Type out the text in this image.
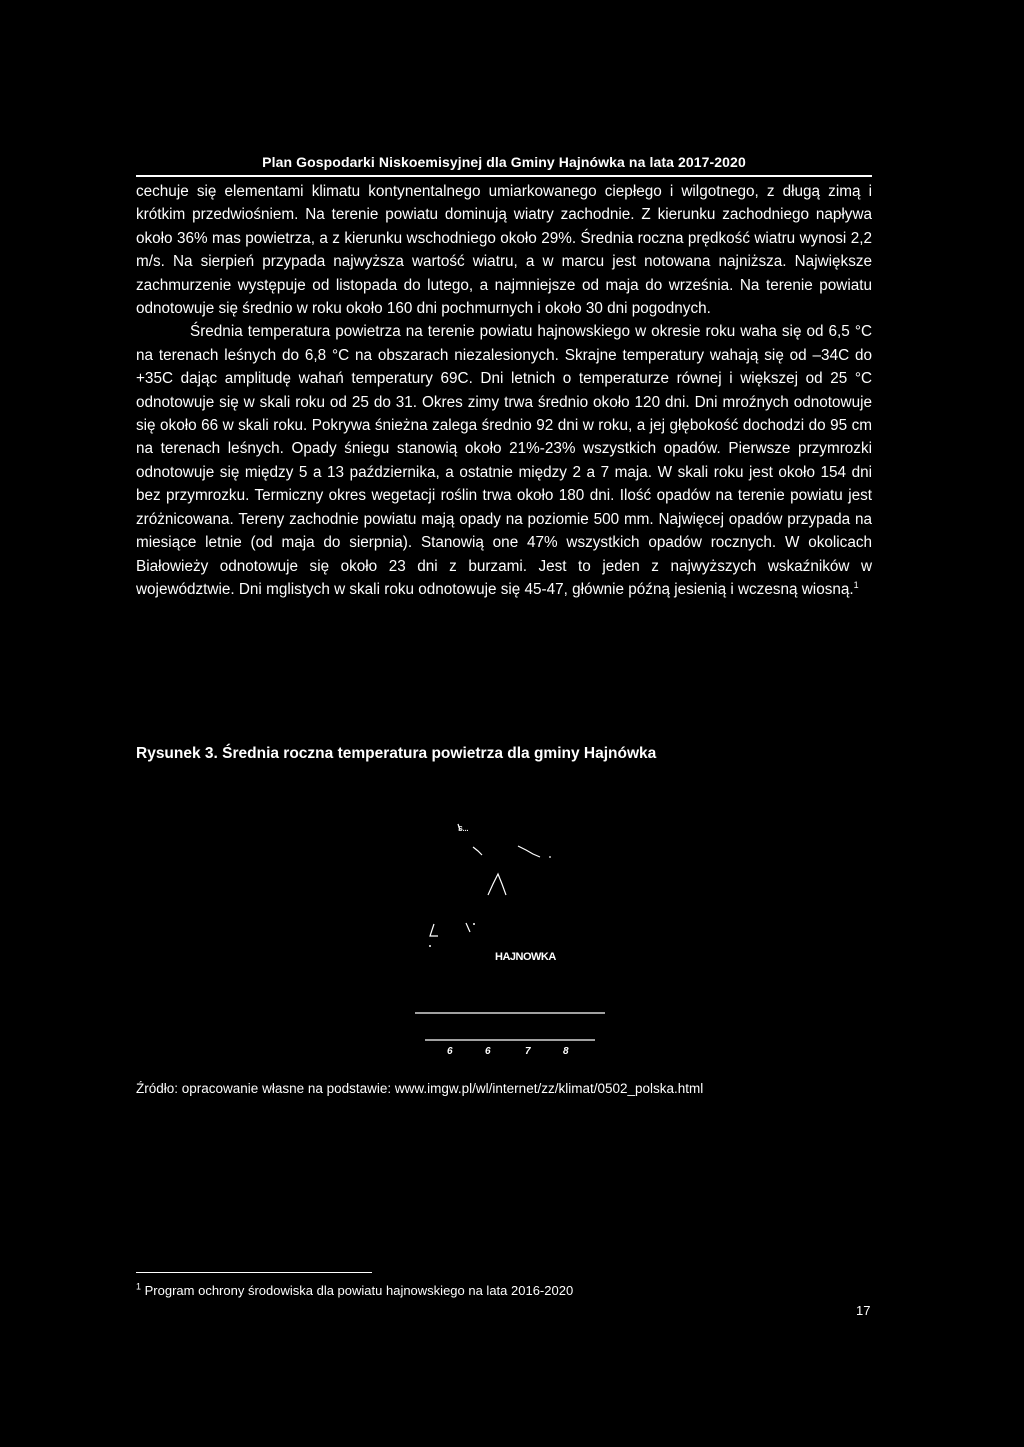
Plan Gospodarki Niskoemisyjnej dla Gminy Hajnówka na lata 2017-2020

cechuje się elementami klimatu kontynentalnego umiarkowanego ciepłego i wilgotnego, z długą zimą i krótkim przedwiośniem. Na terenie powiatu dominują wiatry zachodnie. Z kierunku zachodniego napływa około 36% mas powietrza, a z kierunku wschodniego około 29%. Średnia roczna prędkość wiatru wynosi 2,2 m/s. Na sierpień przypada najwyższa wartość wiatru, a w marcu jest notowana najniższa. Największe zachmurzenie występuje od listopada do lutego, a najmniejsze od maja do września. Na terenie powiatu odnotowuje się średnio w roku około 160 dni pochmurnych i około 30 dni pogodnych.

Średnia temperatura powietrza na terenie powiatu hajnowskiego w okresie roku waha się od 6,5 °C na terenach leśnych do 6,8 °C na obszarach niezalesionych. Skrajne temperatury wahają się od –34C do +35C dając amplitudę wahań temperatury 69C. Dni letnich o temperaturze równej i większej od 25 °C odnotowuje się w skali roku od 25 do 31. Okres zimy trwa średnio około 120 dni. Dni mroźnych odnotowuje się około 66 w skali roku. Pokrywa śnieżna zalega średnio 92 dni w roku, a jej głębokość dochodzi do 95 cm na terenach leśnych. Opady śniegu stanowią około 21%-23% wszystkich opadów. Pierwsze przymrozki odnotowuje się między 5 a 13 października, a ostatnie między 2 a 7 maja. W skali roku jest około 154 dni bez przymrozku. Termiczny okres wegetacji roślin trwa około 180 dni. Ilość opadów na terenie powiatu jest zróżnicowana. Tereny zachodnie powiatu mają opady na poziomie 500 mm. Najwięcej opadów przypada na miesiące letnie (od maja do sierpnia). Stanowią one 47% wszystkich opadów rocznych. W okolicach Białowieży odnotowuje się około 23 dni z burzami. Jest to jeden z najwyższych wskaźników w województwie. Dni mglistych w skali roku odnotowuje się 45-47, głównie późną jesienią i wczesną wiosną.$^1$

Rysunek 3. Średnia roczna temperatura powietrza dla gminy Hajnówka
S...
HAJNOWKA
6	6	7	8
Źródło: opracowanie własne na podstawie: www.imgw.pl/wl/internet/zz/klimat/0502_polska.html
$^1$ Program ochrony środowiska dla powiatu hajnowskiego na lata 2016-2020
17
